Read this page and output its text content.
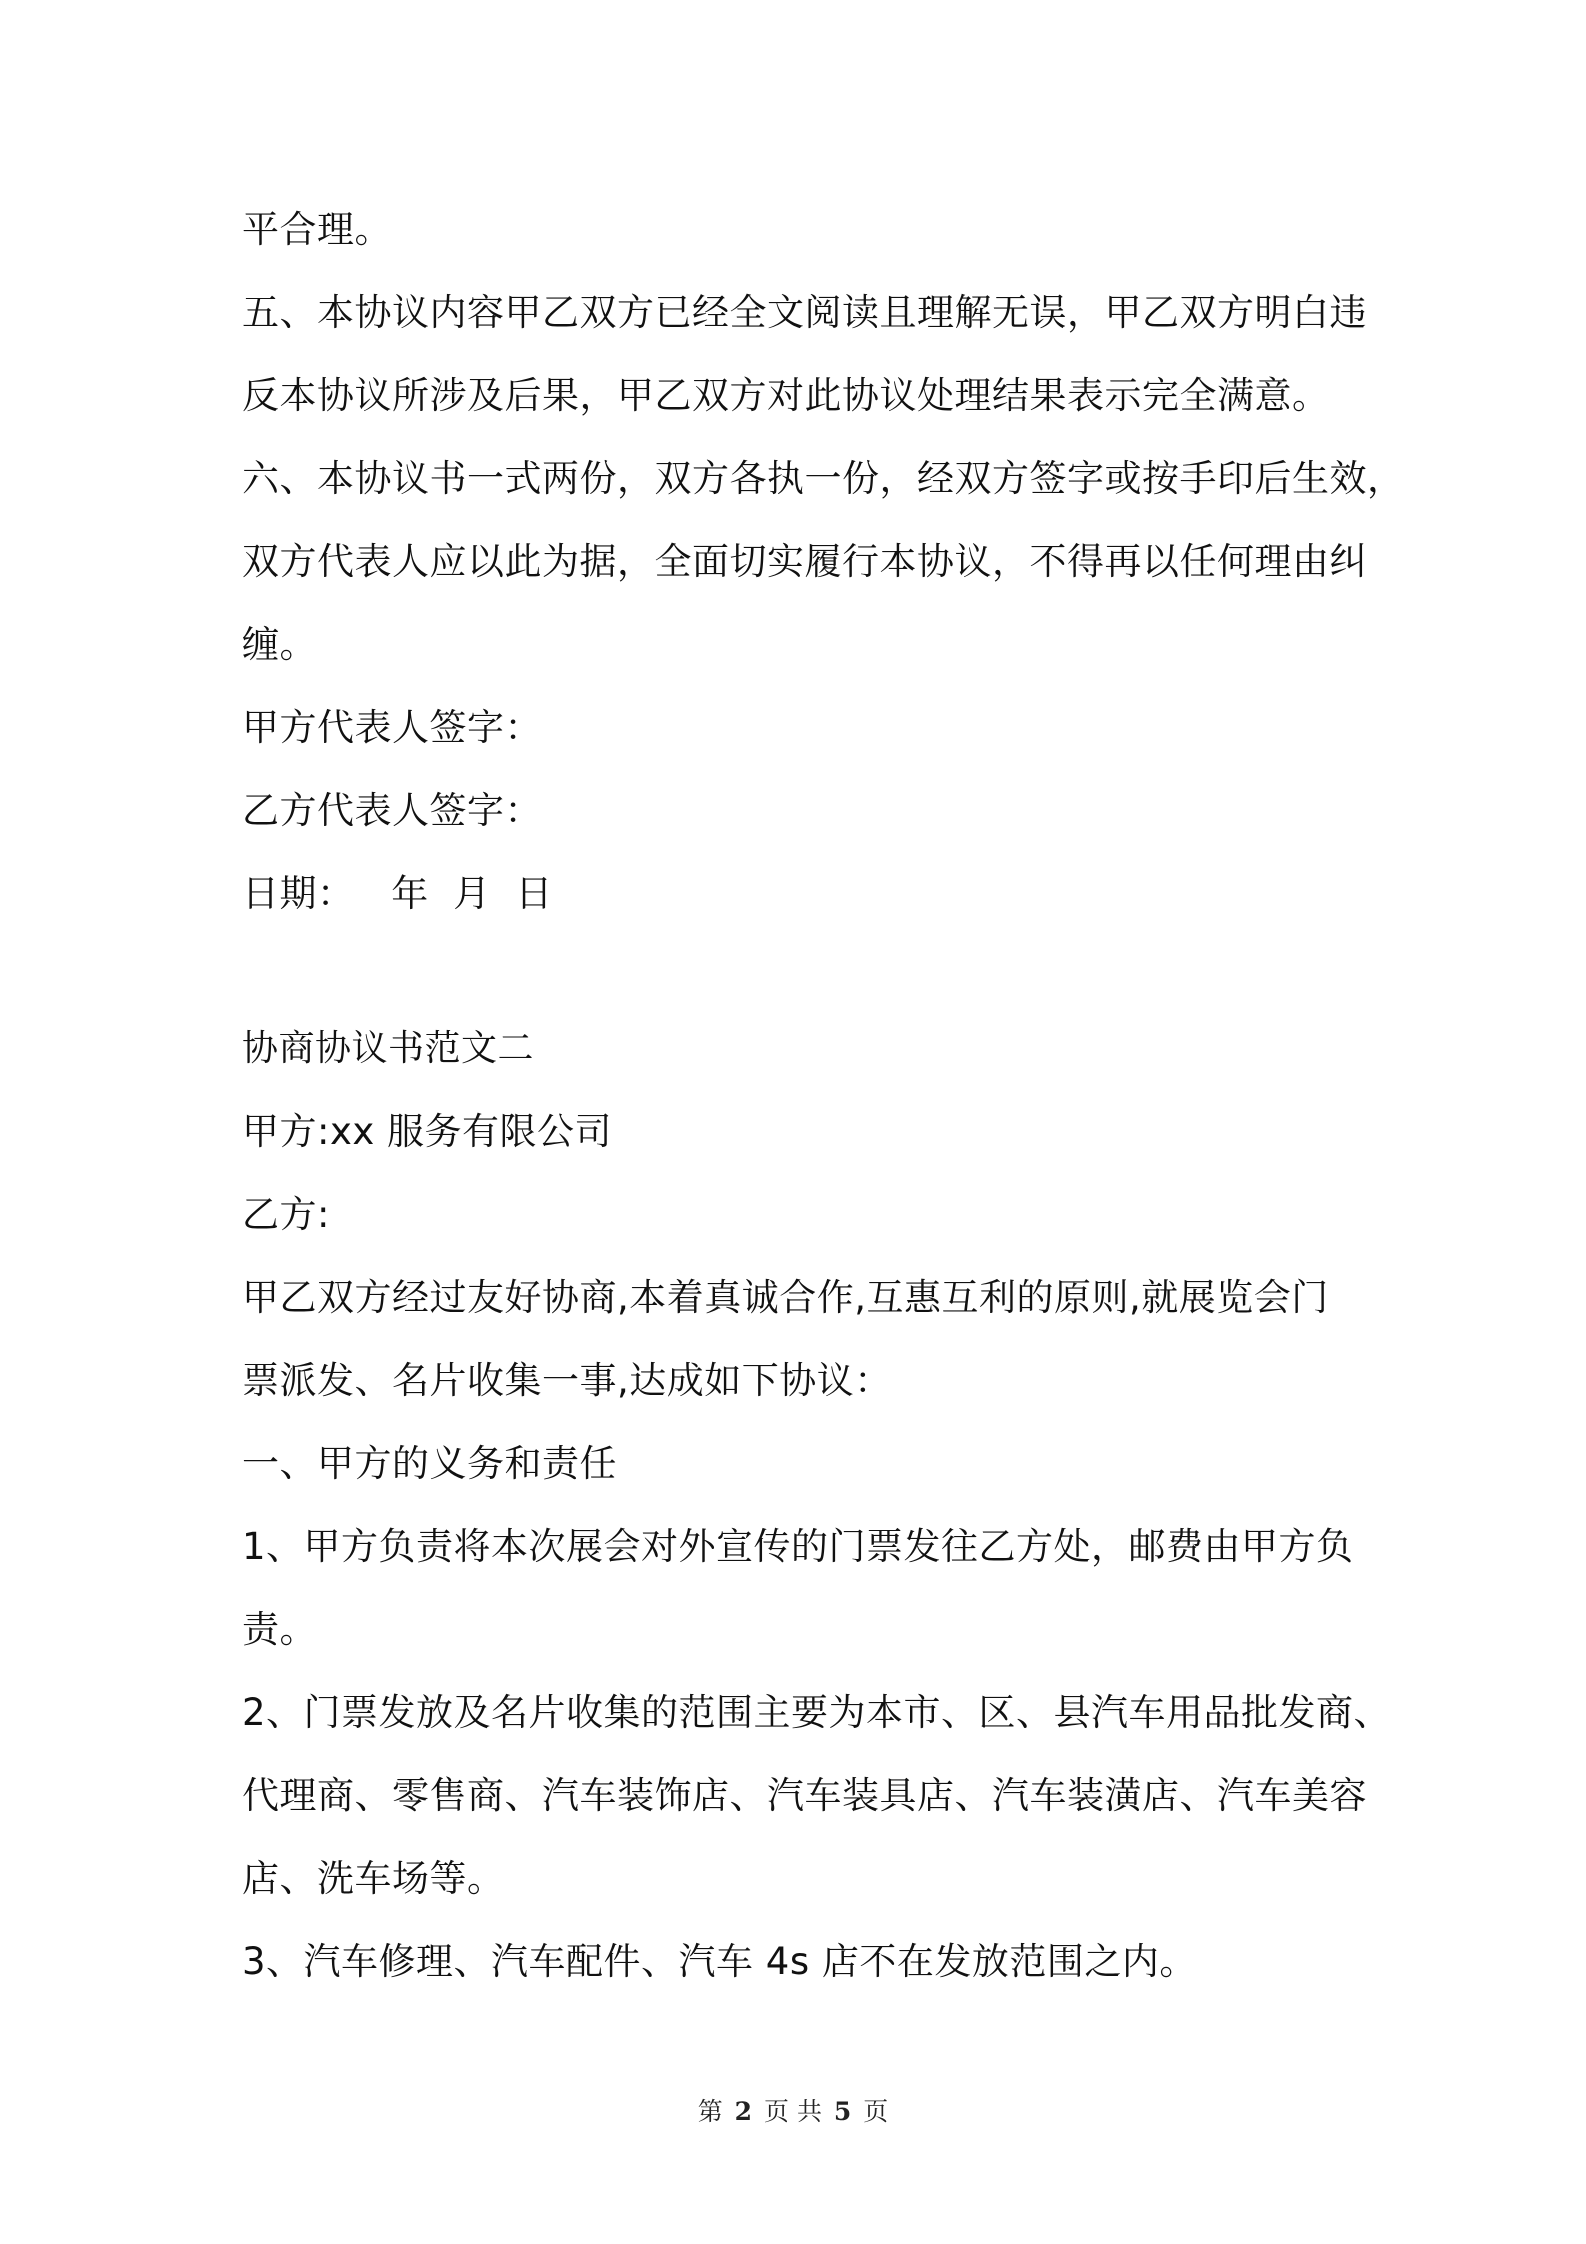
平合理。
五、本协议内容甲乙双方已经全文阅读且理解无误，甲乙双方明白违
反本协议所涉及后果，甲乙双方对此协议处理结果表示完全满意。
六、本协议书一式两份，双方各执一份，经双方签字或按手印后生效，
双方代表人应以此为据，全面切实履行本协议，不得再以任何理由纠
缠。
甲方代表人签字：
乙方代表人签字：
日期：   年  月  日
协商协议书范文二
甲方:xx 服务有限公司
乙方:
甲乙双方经过友好协商,本着真诚合作,互惠互利的原则,就展览会门
票派发、名片收集一事,达成如下协议：
一、甲方的义务和责任
1、甲方负责将本次展会对外宣传的门票发往乙方处，邮费由甲方负
责。
2、门票发放及名片收集的范围主要为本市、区、县汽车用品批发商、
代理商、零售商、汽车装饰店、汽车装具店、汽车装潢店、汽车美容
店、洗车场等。
3、汽车修理、汽车配件、汽车 4s 店不在发放范围之内。
第 2 页 共 5 页
